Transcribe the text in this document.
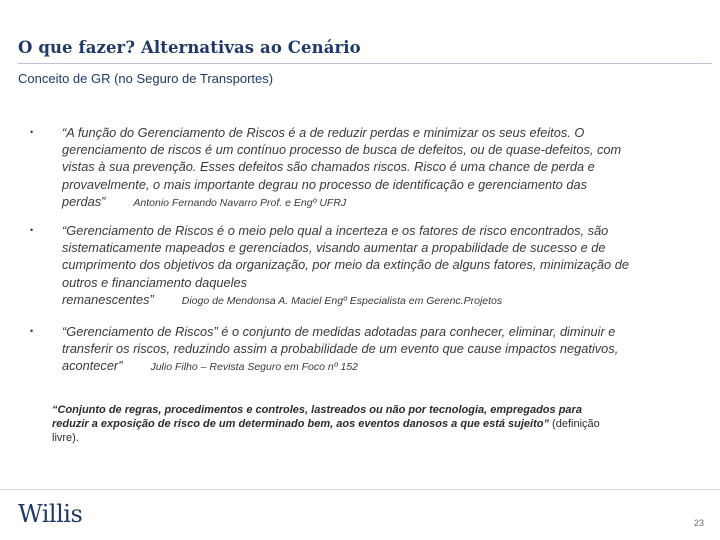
O que fazer? Alternativas ao Cenário
Conceito de GR (no Seguro de Transportes)
• “A função do Gerenciamento de Riscos é a de reduzir perdas e minimizar os seus efeitos. O gerenciamento de riscos é um contínuo processo de busca de defeitos, ou de quase-defeitos, com vistas à sua prevenção. Esses defeitos são chamados riscos. Risco é uma chance de perda e provavelmente, o mais importante degrau no processo de identificação e gerenciamento das perdas”	Antonio Fernando Navarro Prof. e Engº UFRJ
• “Gerenciamento de Riscos é o meio pelo qual a incerteza e os fatores de risco encontrados, são sistematicamente mapeados e gerenciados, visando aumentar a propabilidade de sucesso e de cumprimento dos objetivos da organização, por meio da extinção de alguns fatores, minimização de outros e financiamento daqueles remanescentes”	Diogo de Mendonsa A. Maciel Engº Especialista em Gerenc.Projetos
• “Gerenciamento de Riscos” é o conjunto de medidas adotadas para conhecer, eliminar, diminuir e transferir os riscos, reduzindo assim a probabilidade de um evento que cause impactos negativos, acontecer”	Julio Filho – Revista Seguro em Foco nº 152
“Conjunto de regras, procedimentos e controles, lastreados ou não por tecnologia, empregados para reduzir a exposição de risco de um determinado bem, aos eventos danosos a que está sujeito” (definição livre).
Willis	23
